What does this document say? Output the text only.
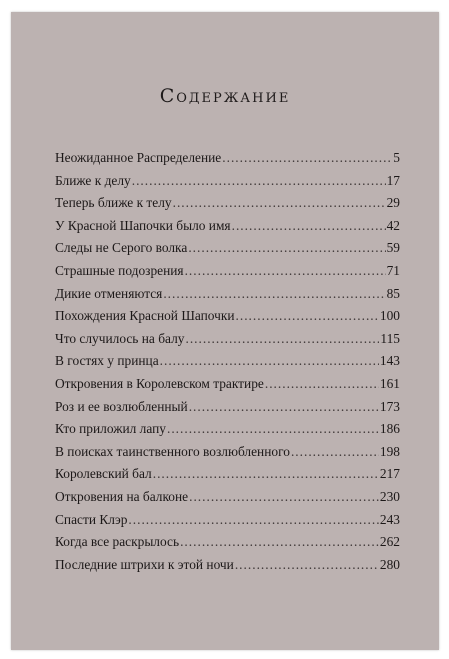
Содержание
Неожиданное Распределение .....	5
Ближе к делу .....	17
Теперь ближе к телу .....	29
У Красной Шапочки было имя .....	42
Следы не Серого волка .....	59
Страшные подозрения .....	71
Дикие отменяются .....	85
Похождения Красной Шапочки .....	100
Что случилось на балу .....	115
В гостях у принца .....	143
Откровения в Королевском трактире .....	161
Роз и ее возлюбленный .....	173
Кто приложил лапу .....	186
В поисках таинственного возлюбленного .....	198
Королевский бал .....	217
Откровения на балконе .....	230
Спасти Клэр .....	243
Когда все раскрылось .....	262
Последние штрихи к этой ночи .....	280
